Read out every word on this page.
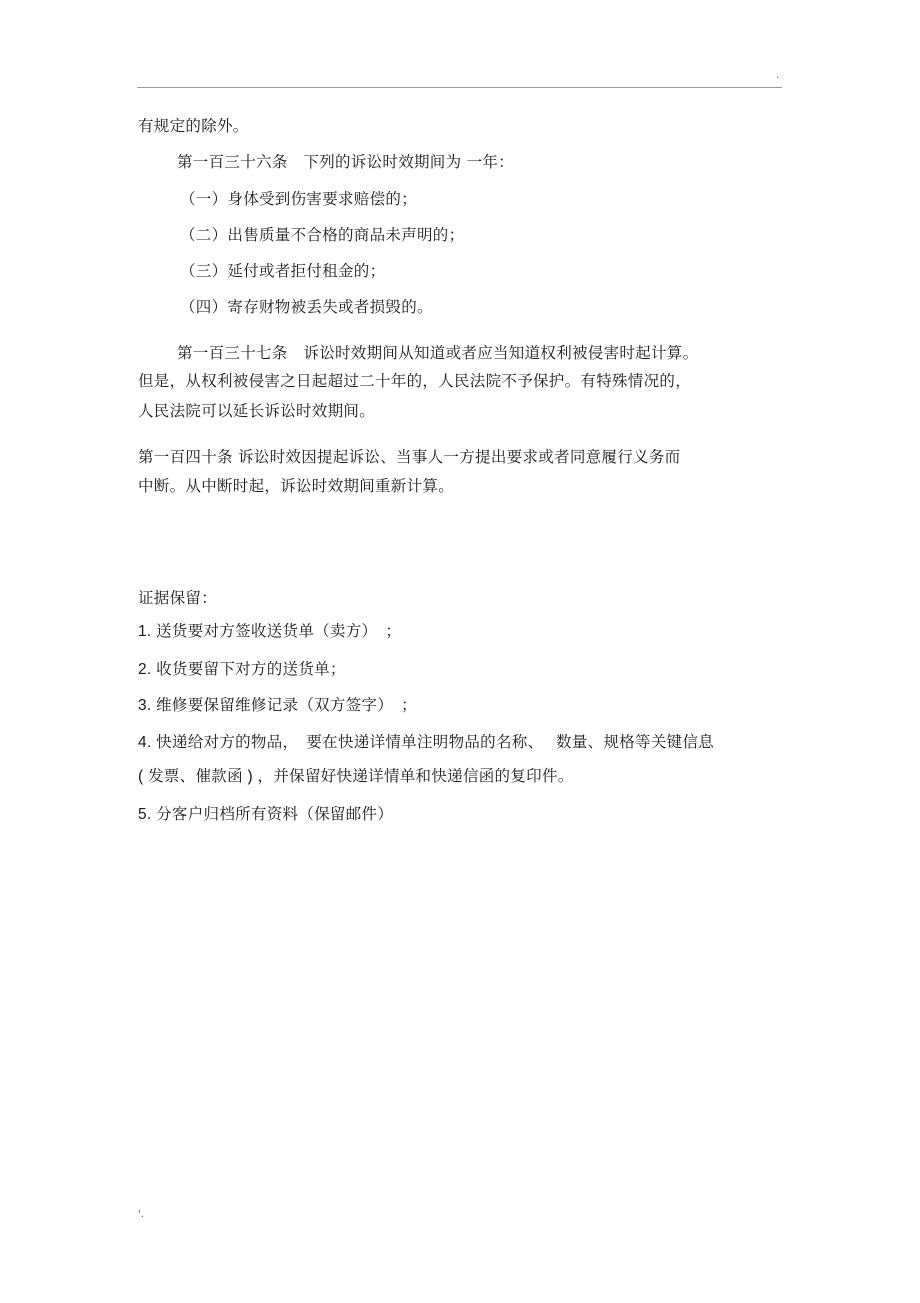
.
有规定的除外。
第一百三十六条　下列的诉讼时效期间为 一年：
（一）身体受到伤害要求赔偿的；
（二）出售质量不合格的商品未声明的；
（三）延付或者拒付租金的；
（四）寄存财物被丢失或者损毁的。
第一百三十七条　诉讼时效期间从知道或者应当知道权利被侵害时起计算。
但是，从权利被侵害之日起超过二十年的，人民法院不予保护。有特殊情况的，
人民法院可以延长诉讼时效期间。
第一百四十条 诉讼时效因提起诉讼、当事人一方提出要求或者同意履行义务而
中断。从中断时起，诉讼时效期间重新计算。
证据保留：
1. 送货要对方签收送货单（卖方）　；
2. 收货要留下对方的送货单；
3. 维修要保留维修记录（双方签字）　；
4. 快递给对方的物品，　要在快递详情单注明物品的名称、　 数量、规格等关键信息
( 发票、催款函 ) ，并保留好快递详情单和快递信函的复印件。
5. 分客户归档所有资料（保留邮件）
'.
